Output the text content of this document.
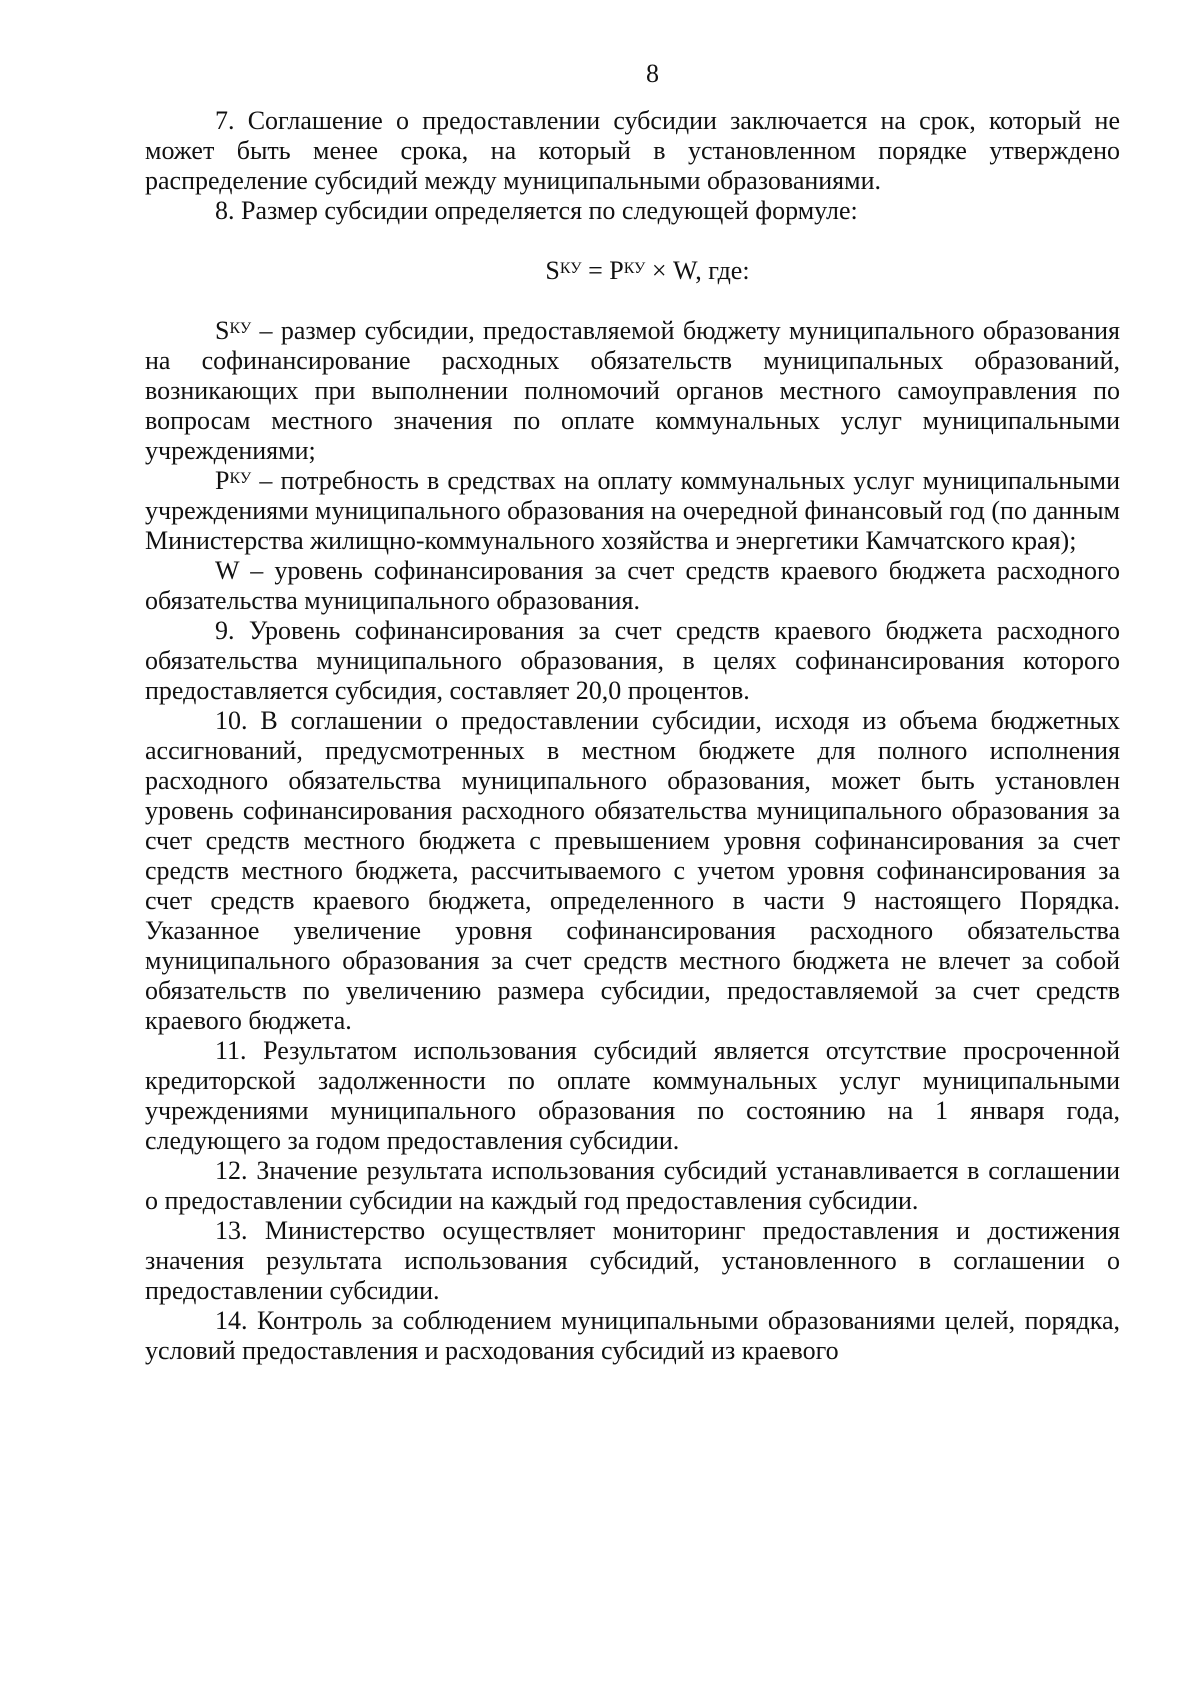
8

7. Соглашение о предоставлении субсидии заключается на срок, который не может быть менее срока, на который в установленном порядке утверждено распределение субсидий между муниципальными образованиями.

8. Размер субсидии определяется по следующей формуле:

$S^{КУ} = P^{КУ} \times W$, где:

$S^{КУ}$ – размер субсидии, предоставляемой бюджету муниципального образования на софинансирование расходных обязательств муниципальных образований, возникающих при выполнении полномочий органов местного самоуправления по вопросам местного значения по оплате коммунальных услуг муниципальными учреждениями;

$P^{КУ}$ – потребность в средствах на оплату коммунальных услуг муниципальными учреждениями муниципального образования на очередной финансовый год (по данным Министерства жилищно-коммунального хозяйства и энергетики Камчатского края);

W – уровень софинансирования за счет средств краевого бюджета расходного обязательства муниципального образования.

9. Уровень софинансирования за счет средств краевого бюджета расходного обязательства муниципального образования, в целях софинансирования которого предоставляется субсидия, составляет 20,0 процентов.

10. В соглашении о предоставлении субсидии, исходя из объема бюджетных ассигнований, предусмотренных в местном бюджете для полного исполнения расходного обязательства муниципального образования, может быть установлен уровень софинансирования расходного обязательства муниципального образования за счет средств местного бюджета с превышением уровня софинансирования за счет средств местного бюджета, рассчитываемого с учетом уровня софинансирования за счет средств краевого бюджета, определенного в части 9 настоящего Порядка. Указанное увеличение уровня софинансирования расходного обязательства муниципального образования за счет средств местного бюджета не влечет за собой обязательств по увеличению размера субсидии, предоставляемой за счет средств краевого бюджета.

11. Результатом использования субсидий является отсутствие просроченной кредиторской задолженности по оплате коммунальных услуг муниципальными учреждениями муниципального образования по состоянию на 1 января года, следующего за годом предоставления субсидии.

12. Значение результата использования субсидий устанавливается в соглашении о предоставлении субсидии на каждый год предоставления субсидии.

13. Министерство осуществляет мониторинг предоставления и достижения значения результата использования субсидий, установленного в соглашении о предоставлении субсидии.

14. Контроль за соблюдением муниципальными образованиями целей, порядка, условий предоставления и расходования субсидий из краевого
